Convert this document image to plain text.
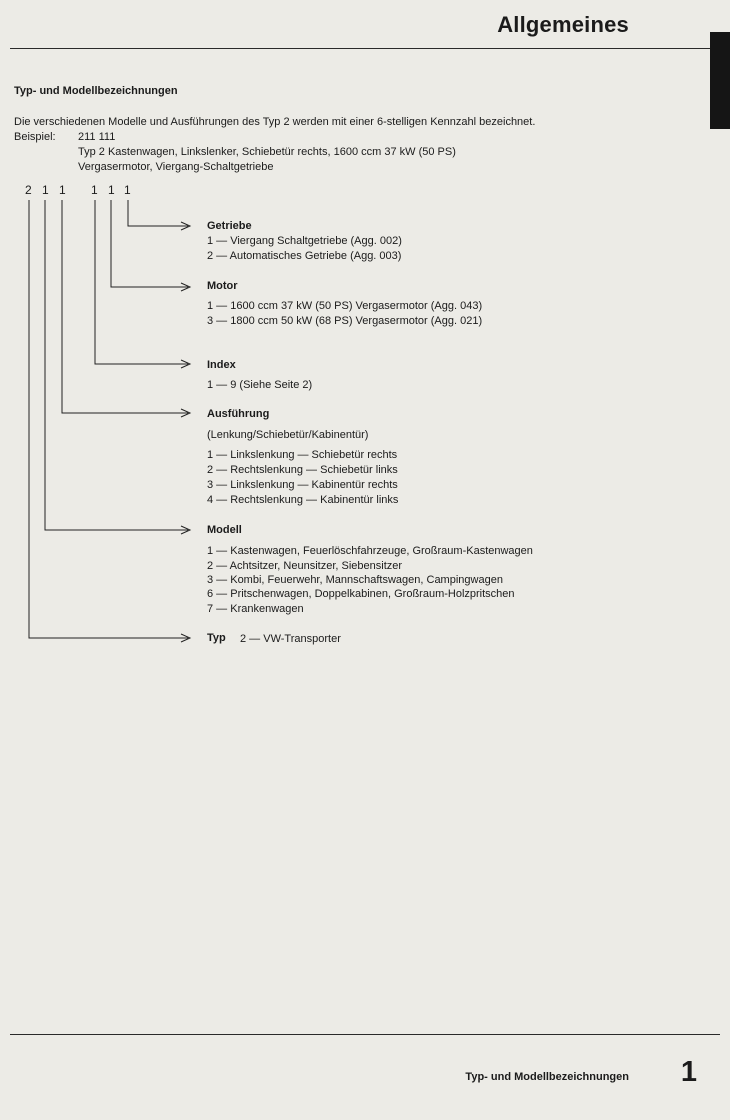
Allgemeines
Typ- und Modellbezeichnungen
Die verschiedenen Modelle und Ausführungen des Typ 2 werden mit einer 6-stelligen Kennzahl bezeichnet.
Beispiel: 211 111
Typ 2 Kastenwagen, Linkslenker, Schiebetür rechts, 1600 ccm 37 kW (50 PS)
Vergasermotor, Viergang-Schaltgetriebe
2 1 1 1 1 1
Getriebe
1 — Viergang Schaltgetriebe (Agg. 002)
2 — Automatisches Getriebe (Agg. 003)
Motor
1 — 1600 ccm 37 kW (50 PS) Vergasermotor (Agg. 043)
3 — 1800 ccm 50 kW (68 PS) Vergasermotor (Agg. 021)
Index
1 — 9 (Siehe Seite 2)
Ausführung
(Lenkung/Schiebetür/Kabinentür)
1 — Linkslenkung — Schiebetür rechts
2 — Rechtslenkung — Schiebetür links
3 — Linkslenkung — Kabinentür rechts
4 — Rechtslenkung — Kabinentür links
Modell
1 — Kastenwagen, Feuerlöschfahrzeuge, Großraum-Kastenwagen
2 — Achtsitzer, Neunsitzer, Siebensitzer
3 — Kombi, Feuerwehr, Mannschaftswagen, Campingwagen
6 — Pritschenwagen, Doppelkabinen, Großraum-Holzpritschen
7 — Krankenwagen
Typ 2 — VW-Transporter
Typ- und Modellbezeichnungen 1
